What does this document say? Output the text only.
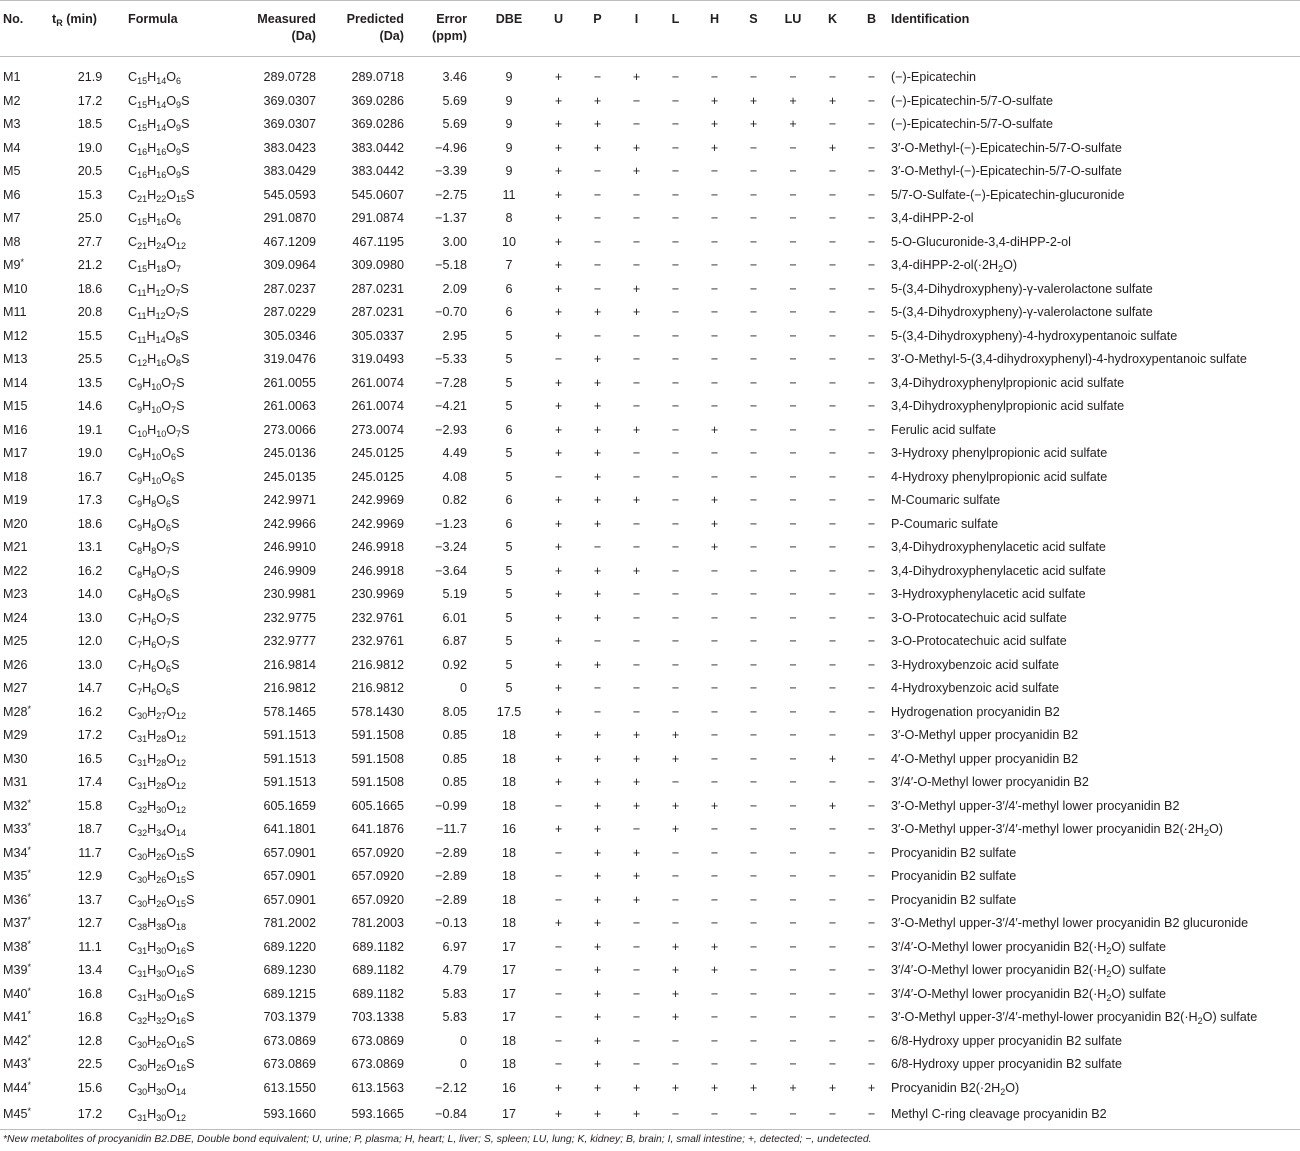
No.	$t_R$ (min)	Formula	Measured
(Da)	Predicted
(Da)	Error
(ppm)	DBE	U	P	I	L	H	S	LU	K	B	Identification
M1	21.9	$C_{15}H_{14}O_6$	289.0728	289.0718	3.46	9	+	−	+	−	−	−	−	−	−	(−)-Epicatechin
M2	17.2	$C_{15}H_{14}O_9S$	369.0307	369.0286	5.69	9	+	+	−	−	+	+	+	+	−	(−)-Epicatechin-5/7-O-sulfate
M3	18.5	$C_{15}H_{14}O_9S$	369.0307	369.0286	5.69	9	+	+	−	−	+	+	+	−	−	(−)-Epicatechin-5/7-O-sulfate
M4	19.0	$C_{16}H_{16}O_9S$	383.0423	383.0442	−4.96	9	+	+	+	−	+	−	−	+	−	3′-O-Methyl-(−)-Epicatechin-5/7-O-sulfate
M5	20.5	$C_{16}H_{16}O_9S$	383.0429	383.0442	−3.39	9	+	−	+	−	−	−	−	−	−	3′-O-Methyl-(−)-Epicatechin-5/7-O-sulfate
M6	15.3	$C_{21}H_{22}O_{15}S$	545.0593	545.0607	−2.75	11	+	−	−	−	−	−	−	−	−	5/7-O-Sulfate-(−)-Epicatechin-glucuronide
M7	25.0	$C_{15}H_{16}O_6$	291.0870	291.0874	−1.37	8	+	−	−	−	−	−	−	−	−	3,4-diHPP-2-ol
M8	27.7	$C_{21}H_{24}O_{12}$	467.1209	467.1195	3.00	10	+	−	−	−	−	−	−	−	−	5-O-Glucuronide-3,4-diHPP-2-ol
M9*	21.2	$C_{15}H_{18}O_7$	309.0964	309.0980	−5.18	7	+	−	−	−	−	−	−	−	−	$3,4-diHPP-2-ol(\cdot 2H_2O)$
M10	18.6	$C_{11}H_{12}O_7S$	287.0237	287.0231	2.09	6	+	−	+	−	−	−	−	−	−	5-(3,4-Dihydroxypheny)-γ-valerolactone sulfate
M11	20.8	$C_{11}H_{12}O_7S$	287.0229	287.0231	−0.70	6	+	+	+	−	−	−	−	−	−	5-(3,4-Dihydroxypheny)-γ-valerolactone sulfate
M12	15.5	$C_{11}H_{14}O_8S$	305.0346	305.0337	2.95	5	+	−	−	−	−	−	−	−	−	5-(3,4-Dihydroxypheny)-4-hydroxypentanoic sulfate
M13	25.5	$C_{12}H_{16}O_8S$	319.0476	319.0493	−5.33	5	−	+	−	−	−	−	−	−	−	3′-O-Methyl-5-(3,4-dihydroxyphenyl)-4-hydroxypentanoic sulfate
M14	13.5	$C_9H_{10}O_7S$	261.0055	261.0074	−7.28	5	+	+	−	−	−	−	−	−	−	3,4-Dihydroxyphenylpropionic acid sulfate
M15	14.6	$C_9H_{10}O_7S$	261.0063	261.0074	−4.21	5	+	+	−	−	−	−	−	−	−	3,4-Dihydroxyphenylpropionic acid sulfate
M16	19.1	$C_{10}H_{10}O_7S$	273.0066	273.0074	−2.93	6	+	+	+	−	+	−	−	−	−	Ferulic acid sulfate
M17	19.0	$C_9H_{10}O_6S$	245.0136	245.0125	4.49	5	+	+	−	−	−	−	−	−	−	3-Hydroxy phenylpropionic acid sulfate
M18	16.7	$C_9H_{10}O_6S$	245.0135	245.0125	4.08	5	−	+	−	−	−	−	−	−	−	4-Hydroxy phenylpropionic acid sulfate
M19	17.3	$C_9H_8O_6S$	242.9971	242.9969	0.82	6	+	+	+	−	+	−	−	−	−	M-Coumaric sulfate
M20	18.6	$C_9H_8O_6S$	242.9966	242.9969	−1.23	6	+	+	−	−	+	−	−	−	−	P-Coumaric sulfate
M21	13.1	$C_8H_8O_7S$	246.9910	246.9918	−3.24	5	+	−	−	−	+	−	−	−	−	3,4-Dihydroxyphenylacetic acid sulfate
M22	16.2	$C_8H_8O_7S$	246.9909	246.9918	−3.64	5	+	+	+	−	−	−	−	−	−	3,4-Dihydroxyphenylacetic acid sulfate
M23	14.0	$C_8H_8O_6S$	230.9981	230.9969	5.19	5	+	+	−	−	−	−	−	−	−	3-Hydroxyphenylacetic acid sulfate
M24	13.0	$C_7H_6O_7S$	232.9775	232.9761	6.01	5	+	+	−	−	−	−	−	−	−	3-O-Protocatechuic acid sulfate
M25	12.0	$C_7H_6O_7S$	232.9777	232.9761	6.87	5	+	−	−	−	−	−	−	−	−	3-O-Protocatechuic acid sulfate
M26	13.0	$C_7H_6O_6S$	216.9814	216.9812	0.92	5	+	+	−	−	−	−	−	−	−	3-Hydroxybenzoic acid sulfate
M27	14.7	$C_7H_6O_6S$	216.9812	216.9812	0	5	+	−	−	−	−	−	−	−	−	4-Hydroxybenzoic acid sulfate
M28*	16.2	$C_{30}H_{27}O_{12}$	578.1465	578.1430	8.05	17.5	+	−	−	−	−	−	−	−	−	Hydrogenation procyanidin B2
M29	17.2	$C_{31}H_{28}O_{12}$	591.1513	591.1508	0.85	18	+	+	+	+	−	−	−	−	−	3′-O-Methyl upper procyanidin B2
M30	16.5	$C_{31}H_{28}O_{12}$	591.1513	591.1508	0.85	18	+	+	+	+	−	−	−	+	−	4′-O-Methyl upper procyanidin B2
M31	17.4	$C_{31}H_{28}O_{12}$	591.1513	591.1508	0.85	18	+	+	+	−	−	−	−	−	−	3′/4′-O-Methyl lower procyanidin B2
M32*	15.8	$C_{32}H_{30}O_{12}$	605.1659	605.1665	−0.99	18	−	+	+	+	+	−	−	+	−	3′-O-Methyl upper-3′/4′-methyl lower procyanidin B2
M33*	18.7	$C_{32}H_{34}O_{14}$	641.1801	641.1876	−11.7	16	+	+	−	+	−	−	−	−	−	3′-O-Methyl upper-3′/4′-methyl lower procyanidin $B2(\cdot 2H_2O)$
M34*	11.7	$C_{30}H_{26}O_{15}S$	657.0901	657.0920	−2.89	18	−	+	+	−	−	−	−	−	−	Procyanidin B2 sulfate
M35*	12.9	$C_{30}H_{26}O_{15}S$	657.0901	657.0920	−2.89	18	−	+	+	−	−	−	−	−	−	Procyanidin B2 sulfate
M36*	13.7	$C_{30}H_{26}O_{15}S$	657.0901	657.0920	−2.89	18	−	+	+	−	−	−	−	−	−	Procyanidin B2 sulfate
M37*	12.7	$C_{38}H_{38}O_{18}$	781.2002	781.2003	−0.13	18	+	+	−	−	−	−	−	−	−	3′-O-Methyl upper-3′/4′-methyl lower procyanidin B2 glucuronide
M38*	11.1	$C_{31}H_{30}O_{16}S$	689.1220	689.1182	6.97	17	−	+	−	+	+	−	−	−	−	3′/4′-O-Methyl lower procyanidin $B2(\cdot H_2O)$ sulfate
M39*	13.4	$C_{31}H_{30}O_{16}S$	689.1230	689.1182	4.79	17	−	+	−	+	+	−	−	−	−	3′/4′-O-Methyl lower procyanidin $B2(\cdot H_2O)$ sulfate
M40*	16.8	$C_{31}H_{30}O_{16}S$	689.1215	689.1182	5.83	17	−	+	−	+	−	−	−	−	−	3′/4′-O-Methyl lower procyanidin $B2(\cdot H_2O)$ sulfate
M41*	16.8	$C_{32}H_{32}O_{16}S$	703.1379	703.1338	5.83	17	−	+	−	+	−	−	−	−	−	3′-O-Methyl upper-3′/4′-methyl-lower procyanidin $B2(\cdot H_2O)$ sulfate
M42*	12.8	$C_{30}H_{26}O_{16}S$	673.0869	673.0869	0	18	−	+	−	−	−	−	−	−	−	6/8-Hydroxy upper procyanidin B2 sulfate
M43*	22.5	$C_{30}H_{26}O_{16}S$	673.0869	673.0869	0	18	−	+	−	−	−	−	−	−	−	6/8-Hydroxy upper procyanidin B2 sulfate
M44*	15.6	$C_{30}H_{30}O_{14}$	613.1550	613.1563	−2.12	16	+	+	+	+	+	+	+	+	+	Procyanidin $B2(\cdot 2H_2O)$
M45*	17.2	$C_{31}H_{30}O_{12}$	593.1660	593.1665	−0.84	17	+	+	+	−	−	−	−	−	−	Methyl C-ring cleavage procyanidin B2
*New metabolites of procyanidin B2.DBE, Double bond equivalent; U, urine; P, plasma; H, heart; L, liver; S, spleen; LU, lung; K, kidney; B, brain; I, small intestine; +, detected; −, undetected.
